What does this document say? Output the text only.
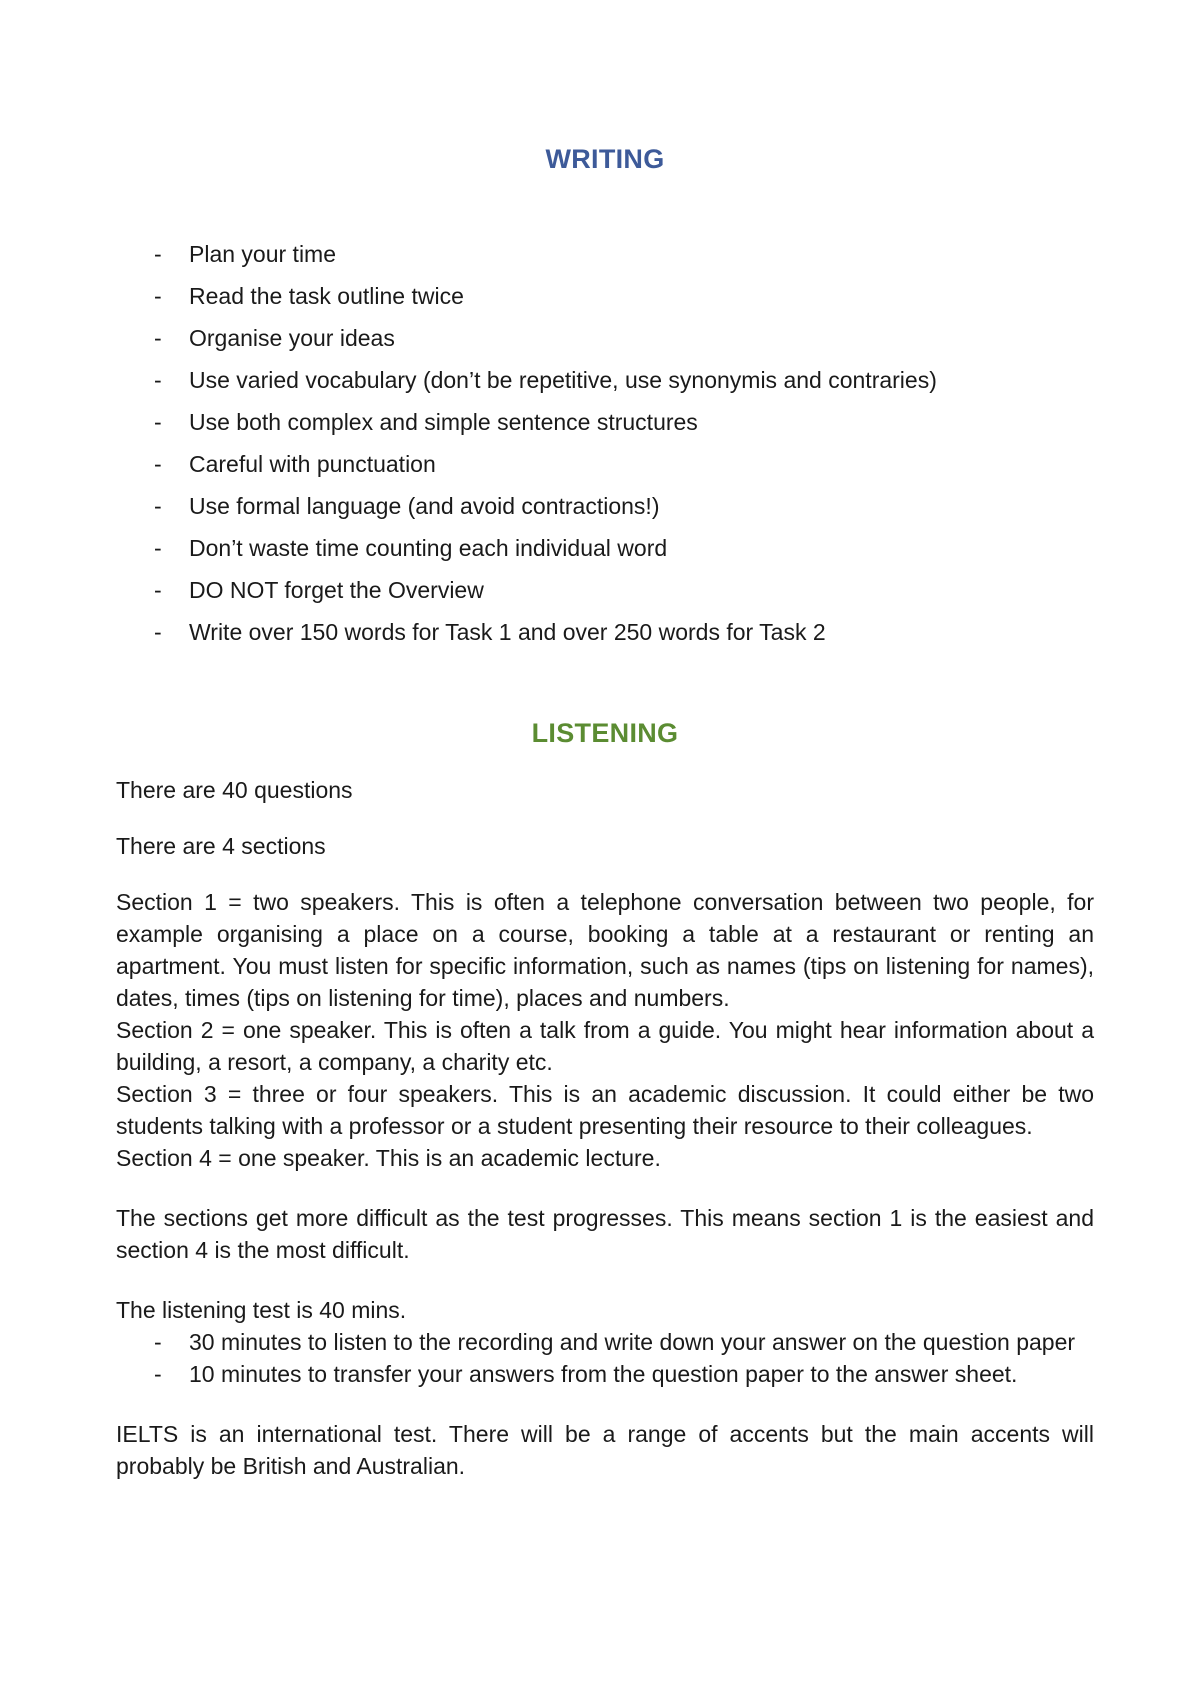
WRITING
- Plan your time
- Read the task outline twice
- Organise your ideas
- Use varied vocabulary (don’t be repetitive, use synonymis and contraries)
- Use both complex and simple sentence structures
- Careful with punctuation
- Use formal language (and avoid contractions!)
- Don’t waste time counting each individual word
- DO NOT forget the Overview
- Write over 150 words for Task 1 and over 250 words for Task 2
LISTENING

There are 40 questions

There are 4 sections

Section 1 = two speakers. This is often a telephone conversation between two people, for example organising a place on a course, booking a table at a restaurant or renting an apartment. You must listen for specific information, such as names (tips on listening for names), dates, times (tips on listening for time), places and numbers.

Section 2 = one speaker. This is often a talk from a guide. You might hear information about a building, a resort, a company, a charity etc.

Section 3 = three or four speakers. This is an academic discussion. It could either be two students talking with a professor or a student presenting their resource to their colleagues.

Section 4 = one speaker. This is an academic lecture.

The sections get more difficult as the test progresses. This means section 1 is the easiest and section 4 is the most difficult.

The listening test is 40 mins.

- 30 minutes to listen to the recording and write down your answer on the question paper
- 10 minutes to transfer your answers from the question paper to the answer sheet.

IELTS is an international test. There will be a range of accents but the main accents will probably be British and Australian.
